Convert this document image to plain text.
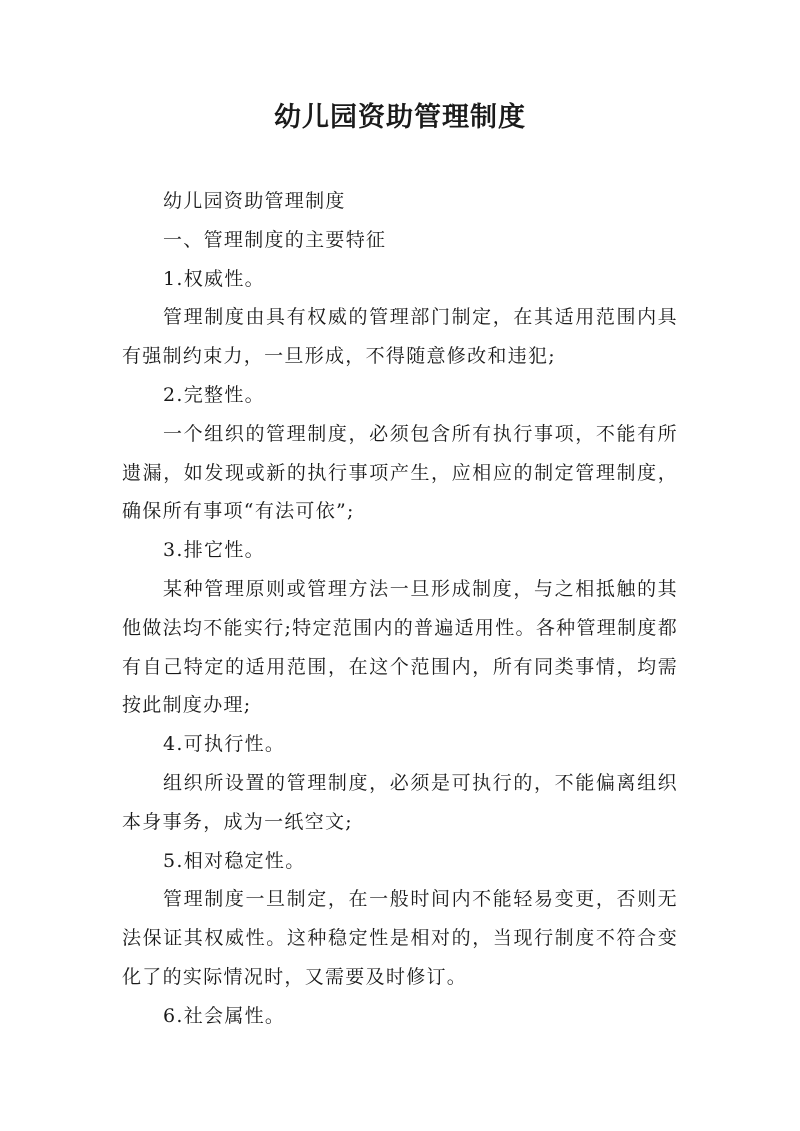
幼儿园资助管理制度

幼儿园资助管理制度

一、管理制度的主要特征

1.权威性。

管理制度由具有权威的管理部门制定，在其适用范围内具有强制约束力，一旦形成，不得随意修改和违犯;

2.完整性。

一个组织的管理制度，必须包含所有执行事项，不能有所遗漏，如发现或新的执行事项产生，应相应的制定管理制度，确保所有事项“有法可依”;

3.排它性。

某种管理原则或管理方法一旦形成制度，与之相抵触的其他做法均不能实行;特定范围内的普遍适用性。各种管理制度都有自己特定的适用范围，在这个范围内，所有同类事情，均需按此制度办理;

4.可执行性。

组织所设置的管理制度，必须是可执行的，不能偏离组织本身事务，成为一纸空文;

5.相对稳定性。

管理制度一旦制定，在一般时间内不能轻易变更，否则无法保证其权威性。这种稳定性是相对的，当现行制度不符合变化了的实际情况时，又需要及时修订。

6.社会属性。
